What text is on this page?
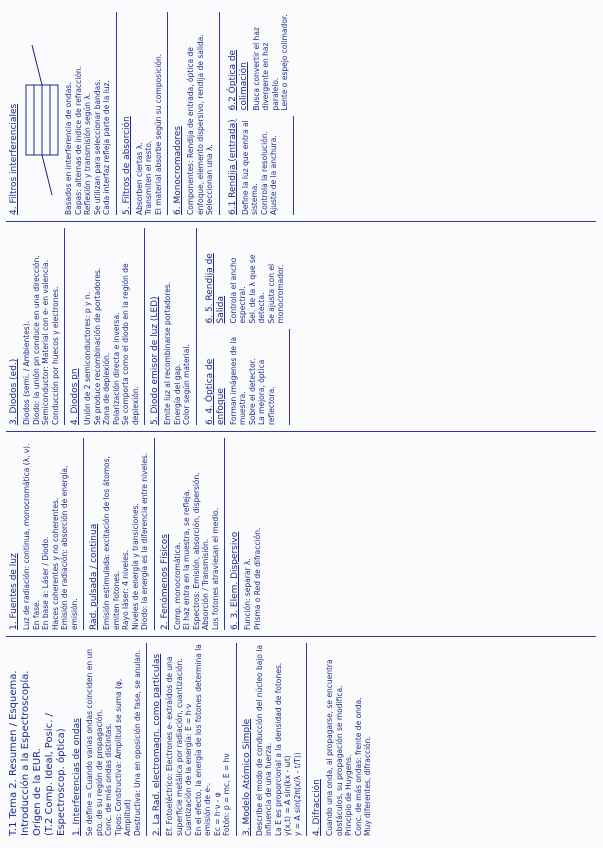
T.1 Tema 2. Resumen / Esquema. Introducción a la Espectroscopía. Orígen de la EUR. (T.2 Comp. Ideal, Posic. / Espectroscop. óptica) 1. Interferencias de ondas Se define = Cuando varias ondas coinciden en un pto. de su región de propagación.
Conc. de más ondas distintas.
Tipos: Constructiva: Amplitud se suma (φ, Amplitud)
Destructiva: Una en oposición de fase, se anulan. 2. La Rad. electromagn. como partículas Ef. Fotoeléctrico: Electrones e- extraídos de una superficie metálica por radiación, cuantización.
Cuantización de la energía: E = h·ν
En el efecto, la energía de los fotones determina la emisión de e-.
Ec = h·ν - φ
Fotón: p = mc, E = hν 3. Modelo Atómico Simple Describe el modo de conducción del núcleo bajo la influencia de una fuerza.
La E es proporcional a la densidad de fotones.
y(x,t) = A sin(kx - ωt)
y = A sin(2π(x/λ - t/T))
4. Difracción Cuando una onda, al propagarse, se encuentra obstáculos, su propagación se modifica.
Principio de Huygens.
Conc. de más ondas: frente de onda.
Muy diferentes, difracción.
1. Fuentes de luz Luz de radiación: continua, monocromática (λ, ν).
En fase.
En base a: Láser / Diodo.
Haces coherentes y no coherentes.
Emisión de radiación: absorción de energía, emisión. Rad. pulsada / continua Emisión estimulada: excitación de los átomos, emiten fotones.
Rayo láser: 4 niveles.
Niveles de energía y transiciones.
Diodo: la energía es la diferencia entre niveles.
2. Fenómenos Físicos Comp. monocromática.
El haz entra en la muestra, se refleja.
Espectros: Emisión, absorción, dispersión.
Absorción / Transmisión.
Los fotones atraviesan el medio.
6. 3. Elem. Dispersivo Función: separar λ.
Prisma o Red de difracción.
3. Diodos (ed.) Diodos (semi. / Ambientes).
Diodo: la unión pn conduce en una dirección.
Semiconductor: Material con e- en valencia.
Conducción por huecos y electrones.
4. Diodos pn Unión de 2 semiconductores: p y n.
Se produce recombinación de portadores.
Zona de deplexión.
Polarización directa e inversa.
Se comporta como el diodo en la región de deplexión. 5. Diodo emisor de luz (LED) Emite luz al recombinarse portadores.
Energía del gap.
Color según material. 6. 4. Óptica de enfoque Forman imágenes de la muestra.
Sobre el detector.
La mejora, óptica reflectora.
6. 5. Rendija de Salida Controla el ancho espectral.
Sel. de la λ que se detecta.
Se ajusta con el monocromador.
4. Filtros interferenciales	Basados en interferencia de ondas.
Capas: alternas de índice de refracción.
Reflexión y transmisión según λ.
Se utilizan para seleccionar bandas.
Cada interfaz refleja parte de la luz.
5. Filtros de absorción Absorben ciertas λ.
Transmiten el resto.
El material absorbe según su composición.
6. Monocromadores Componentes: Rendija de entrada, óptica de enfoque, elemento dispersivo, rendija de salida.
Seleccionan una λ. 6.1 Rendija (entrada) Define la luz que entra al sistema.
Controla la resolución.
Ajuste de la anchura.
6.2 Óptica de colimación Busca convertir el haz divergente en haz paralelo.
Lente o espejo colimador.
